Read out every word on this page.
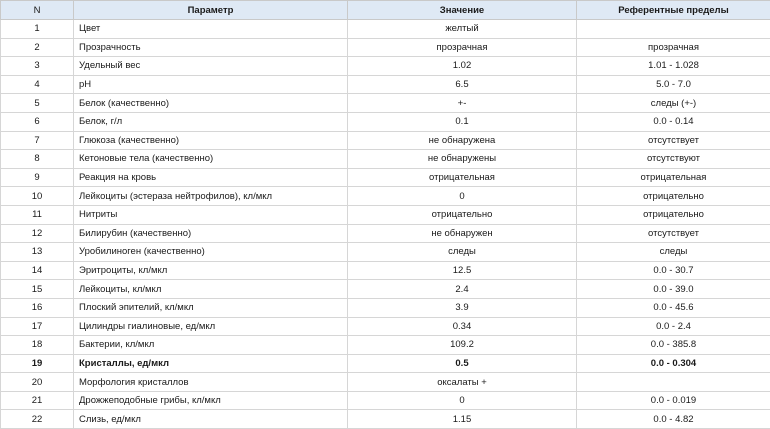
N	Параметр	Значение	Референтные пределы
1	Цвет	желтый	
2	Прозрачность	прозрачная	прозрачная
3	Удельный вес	1.02	1.01 - 1.028
4	pH	6.5	5.0 - 7.0
5	Белок (качественно)	+-	следы (+-)
6	Белок, г/л	0.1	0.0 - 0.14
7	Глюкоза (качественно)	не обнаружена	отсутствует
8	Кетоновые тела (качественно)	не обнаружены	отсутствуют
9	Реакция на кровь	отрицательная	отрицательная
10	Лейкоциты (эстераза нейтрофилов), кл/мкл	0	отрицательно
11	Нитриты	отрицательно	отрицательно
12	Билирубин (качественно)	не обнаружен	отсутствует
13	Уробилиноген (качественно)	следы	следы
14	Эритроциты, кл/мкл	12.5	0.0 - 30.7
15	Лейкоциты, кл/мкл	2.4	0.0 - 39.0
16	Плоский эпителий, кл/мкл	3.9	0.0 - 45.6
17	Цилиндры гиалиновые, ед/мкл	0.34	0.0 - 2.4
18	Бактерии, кл/мкл	109.2	0.0 - 385.8
19	Кристаллы, ед/мкл	0.5	0.0 - 0.304
20	Морфология кристаллов	оксалаты +	
21	Дрожжеподобные грибы, кл/мкл	0	0.0 - 0.019
22	Слизь, ед/мкл	1.15	0.0 - 4.82
